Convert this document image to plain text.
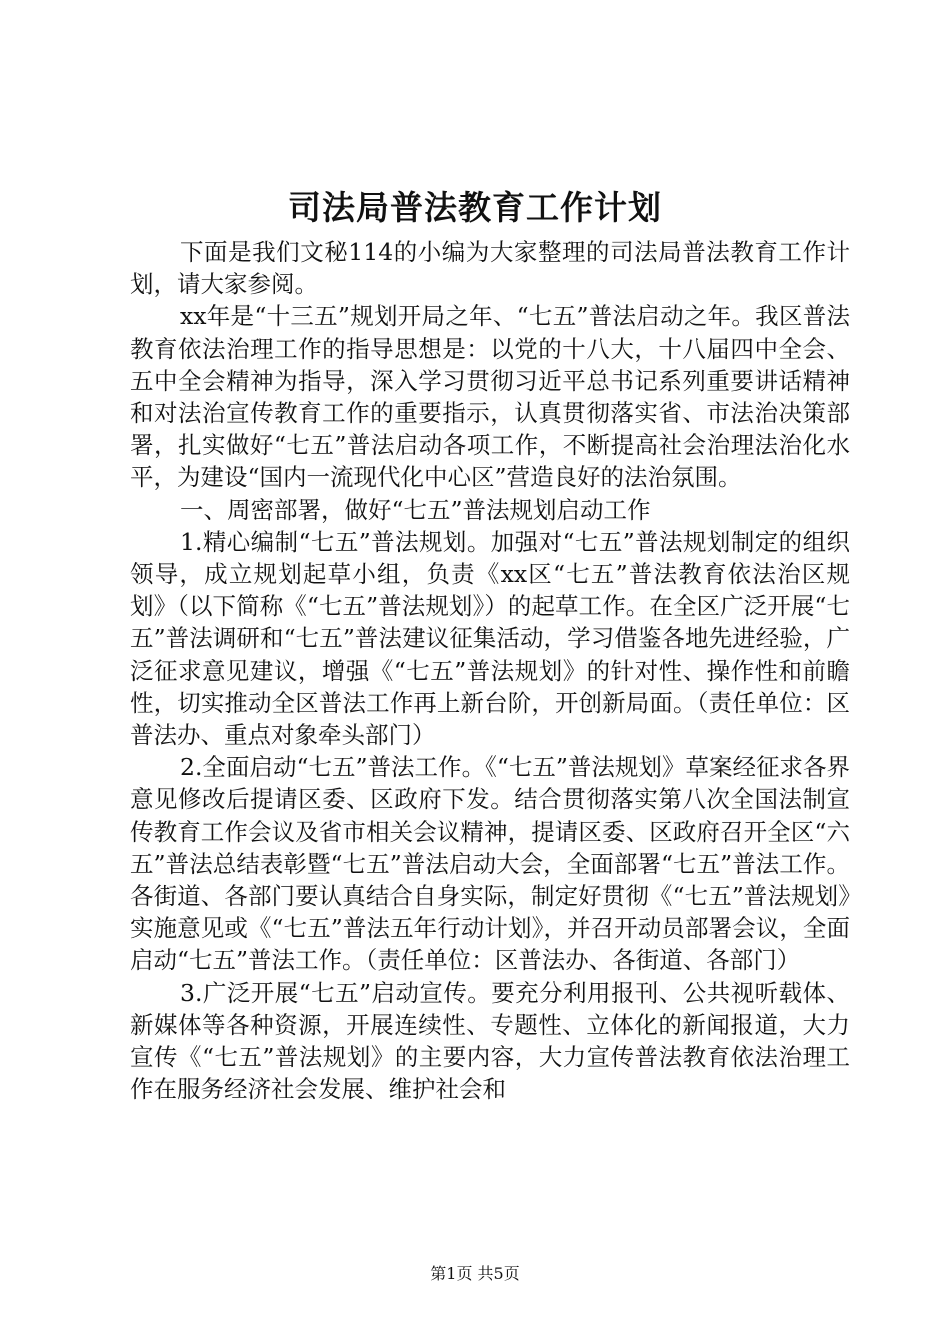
司法局普法教育工作计划

下面是我们文秘114的小编为大家整理的司法局普法教育工作计划，请大家参阅。

xx年是“十三五”规划开局之年、“七五”普法启动之年。我区普法教育依法治理工作的指导思想是：以党的十八大，十八届四中全会、五中全会精神为指导，深入学习贯彻习近平总书记系列重要讲话精神和对法治宣传教育工作的重要指示，认真贯彻落实省、市法治决策部署，扎实做好“七五”普法启动各项工作，不断提高社会治理法治化水平，为建设“国内一流现代化中心区”营造良好的法治氛围。

一、周密部署，做好“七五”普法规划启动工作

1.精心编制“七五”普法规划。加强对“七五”普法规划制定的组织领导，成立规划起草小组，负责《xx区“七五”普法教育依法治区规划》（以下简称《“七五”普法规划》）的起草工作。在全区广泛开展“七五”普法调研和“七五”普法建议征集活动，学习借鉴各地先进经验，广泛征求意见建议，增强《“七五”普法规划》的针对性、操作性和前瞻性，切实推动全区普法工作再上新台阶，开创新局面。（责任单位：区普法办、重点对象牵头部门）

2.全面启动“七五”普法工作。《“七五”普法规划》草案经征求各界意见修改后提请区委、区政府下发。结合贯彻落实第八次全国法制宣传教育工作会议及省市相关会议精神，提请区委、区政府召开全区“六五”普法总结表彰暨“七五”普法启动大会，全面部署“七五”普法工作。各街道、各部门要认真结合自身实际，制定好贯彻《“七五”普法规划》实施意见或《“七五”普法五年行动计划》，并召开动员部署会议，全面启动“七五”普法工作。（责任单位：区普法办、各街道、各部门）

3.广泛开展“七五”启动宣传。要充分利用报刊、公共视听载体、新媒体等各种资源，开展连续性、专题性、立体化的新闻报道，大力宣传《“七五”普法规划》的主要内容，大力宣传普法教育依法治理工作在服务经济社会发展、维护社会和

第1页 共5页
